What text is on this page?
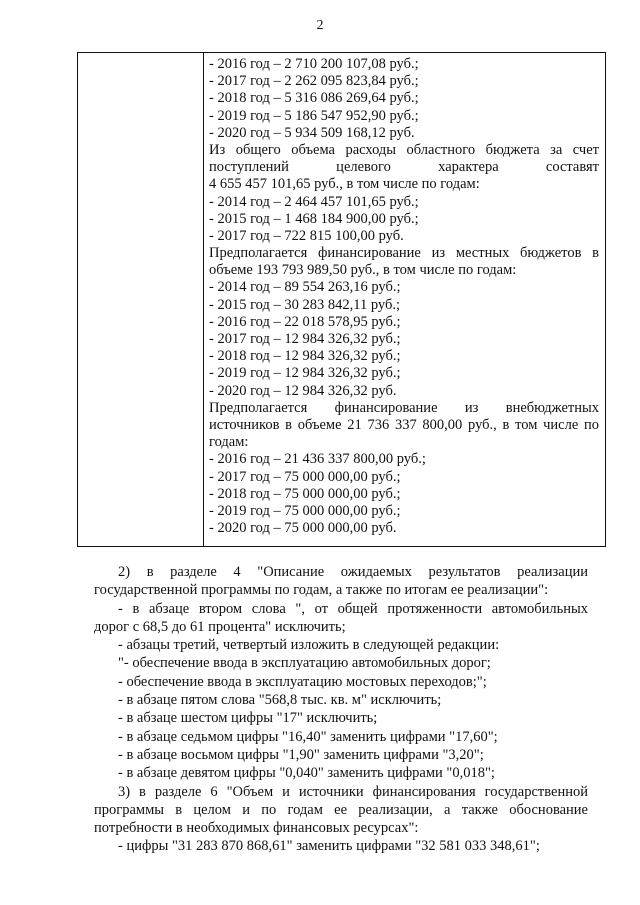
2
- 2016 год – 2 710 200 107,08 руб.;
- 2017 год – 2 262 095 823,84 руб.;
- 2018 год – 5 316 086 269,64 руб.;
- 2019 год – 5 186 547 952,90 руб.;
- 2020 год – 5 934 509 168,12 руб.
Из общего объема расходы областного бюджета за счет
поступлений целевого характера составят
4 655 457 101,65 руб., в том числе по годам:
- 2014 год – 2 464 457 101,65 руб.;
- 2015 год – 1 468 184 900,00 руб.;
- 2017 год – 722 815 100,00 руб.
Предполагается финансирование из местных бюджетов в
объеме 193 793 989,50 руб., в том числе по годам:
- 2014 год – 89 554 263,16 руб.;
- 2015 год – 30 283 842,11 руб.;
- 2016 год – 22 018 578,95 руб.;
- 2017 год – 12 984 326,32 руб.;
- 2018 год – 12 984 326,32 руб.;
- 2019 год – 12 984 326,32 руб.;
- 2020 год – 12 984 326,32 руб.
Предполагается финансирование из внебюджетных
источников в объеме 21 736 337 800,00 руб., в том числе по
годам:
- 2016 год – 21 436 337 800,00 руб.;
- 2017 год – 75 000 000,00 руб.;
- 2018 год – 75 000 000,00 руб.;
- 2019 год – 75 000 000,00 руб.;
- 2020 год – 75 000 000,00 руб.
2) в разделе 4 "Описание ожидаемых результатов реализации
государственной программы по годам, а также по итогам ее реализации":
- в абзаце втором слова ", от общей протяженности автомобильных
дорог с 68,5 до 61 процента" исключить;
- абзацы третий, четвертый изложить в следующей редакции:
"- обеспечение ввода в эксплуатацию автомобильных дорог;
- обеспечение ввода в эксплуатацию мостовых переходов;";
- в абзаце пятом слова "568,8 тыс. кв. м" исключить;
- в абзаце шестом цифры "17" исключить;
- в абзаце седьмом цифры "16,40" заменить цифрами "17,60";
- в абзаце восьмом цифры "1,90" заменить цифрами "3,20";
- в абзаце девятом цифры "0,040" заменить цифрами "0,018";
3) в разделе 6 "Объем и источники финансирования государственной
программы в целом и по годам ее реализации, а также обоснование
потребности в необходимых финансовых ресурсах":
- цифры "31 283 870 868,61" заменить цифрами "32 581 033 348,61";
